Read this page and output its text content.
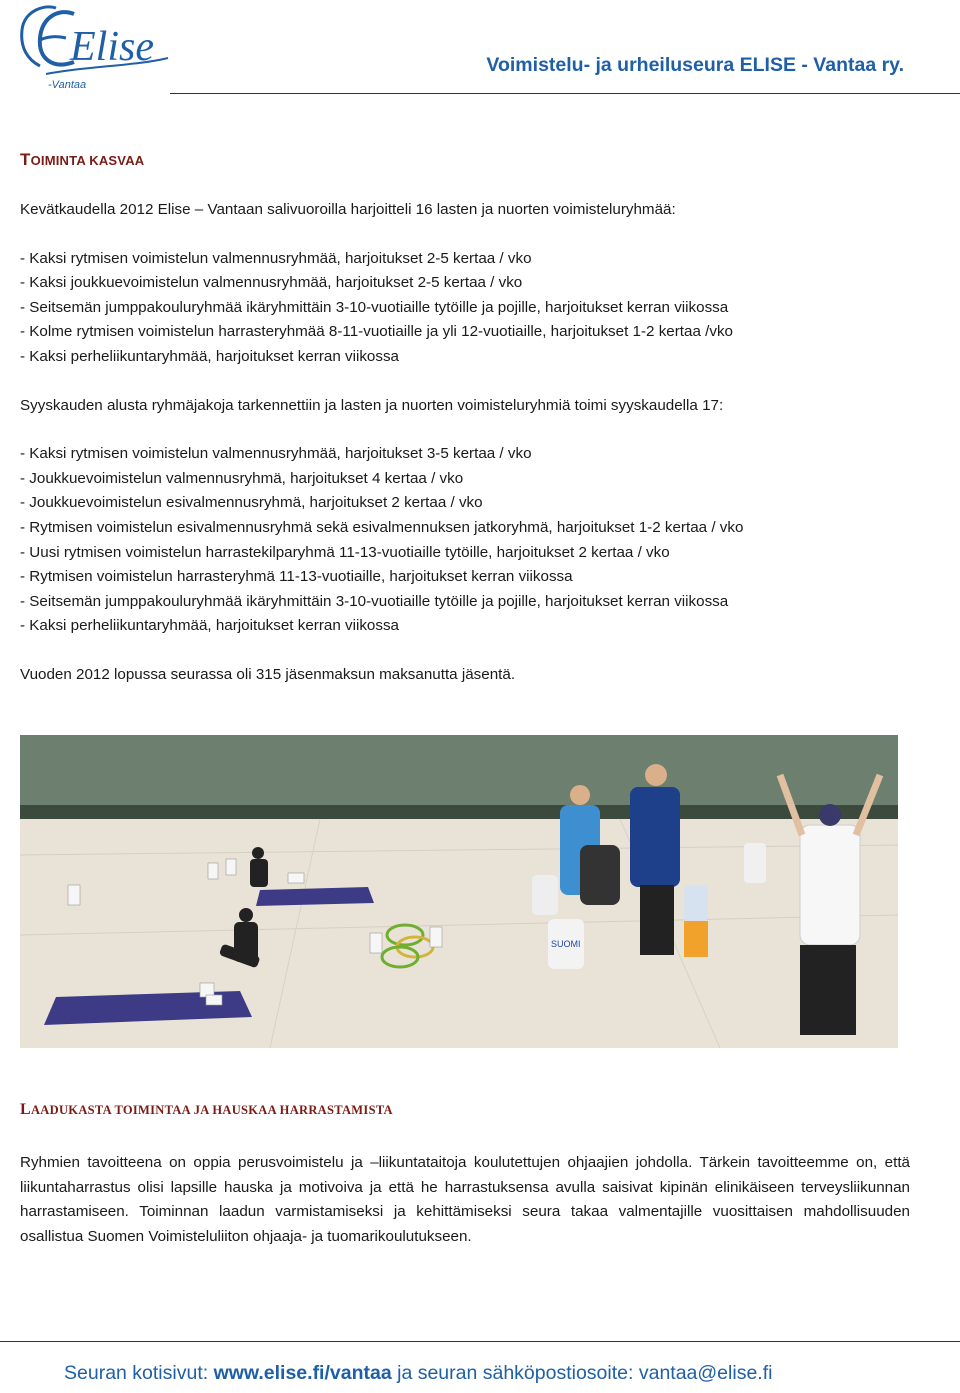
Elise
-Vantaa
Voimistelu- ja urheiluseura ELISE - Vantaa ry.
TOIMINTA KASVAA

Kevätkaudella 2012 Elise – Vantaan salivuoroilla harjoitteli 16 lasten ja nuorten voimisteluryhmää:

- Kaksi rytmisen voimistelun valmennusryhmää, harjoitukset 2-5 kertaa / vko
- Kaksi joukkuevoimistelun valmennusryhmää, harjoitukset 2-5 kertaa / vko
- Seitsemän jumppakouluryhmää ikäryhmittäin 3-10-vuotiaille tytöille ja pojille, harjoitukset kerran viikossa
- Kolme rytmisen voimistelun harrasteryhmää 8-11-vuotiaille ja yli 12-vuotiaille, harjoitukset 1-2 kertaa /vko
- Kaksi perheliikuntaryhmää, harjoitukset kerran viikossa

Syyskauden alusta ryhmäjakoja tarkennettiin ja lasten ja nuorten voimisteluryhmiä toimi syyskaudella 17:

- Kaksi rytmisen voimistelun valmennusryhmää, harjoitukset 3-5 kertaa / vko
- Joukkuevoimistelun valmennusryhmä, harjoitukset 4 kertaa / vko
- Joukkuevoimistelun esivalmennusryhmä, harjoitukset 2 kertaa / vko
- Rytmisen voimistelun esivalmennusryhmä sekä esivalmennuksen jatkoryhmä, harjoitukset 1-2 kertaa / vko
- Uusi rytmisen voimistelun harrastekilparyhmä 11-13-vuotiaille tytöille, harjoitukset 2 kertaa / vko
- Rytmisen voimistelun harrasteryhmä 11-13-vuotiaille, harjoitukset kerran viikossa
- Seitsemän jumppakouluryhmää ikäryhmittäin 3-10-vuotiaille tytöille ja pojille, harjoitukset kerran viikossa
- Kaksi perheliikuntaryhmää, harjoitukset kerran viikossa

Vuoden 2012 lopussa seurassa oli 315 jäsenmaksun maksanutta jäsentä.

SUOMI
LAADUKASTA TOIMINTAA JA HAUSKAA HARRASTAMISTA

Ryhmien tavoitteena on oppia perusvoimistelu ja –liikuntataitoja koulutettujen ohjaajien johdolla. Tärkein tavoitteemme on, että liikuntaharrastus olisi lapsille hauska ja motivoiva ja että he harrastuksensa avulla saisivat kipinän elinikäiseen terveysliikunnan harrastamiseen. Toiminnan laadun varmistamiseksi ja kehittämiseksi seura takaa valmentajille vuosittaisen mahdollisuuden osallistua Suomen Voimisteluliiton ohjaaja- ja tuomarikoulutukseen.

Seuran kotisivut: www.elise.fi/vantaa ja seuran sähköpostiosoite: vantaa@elise.fi
